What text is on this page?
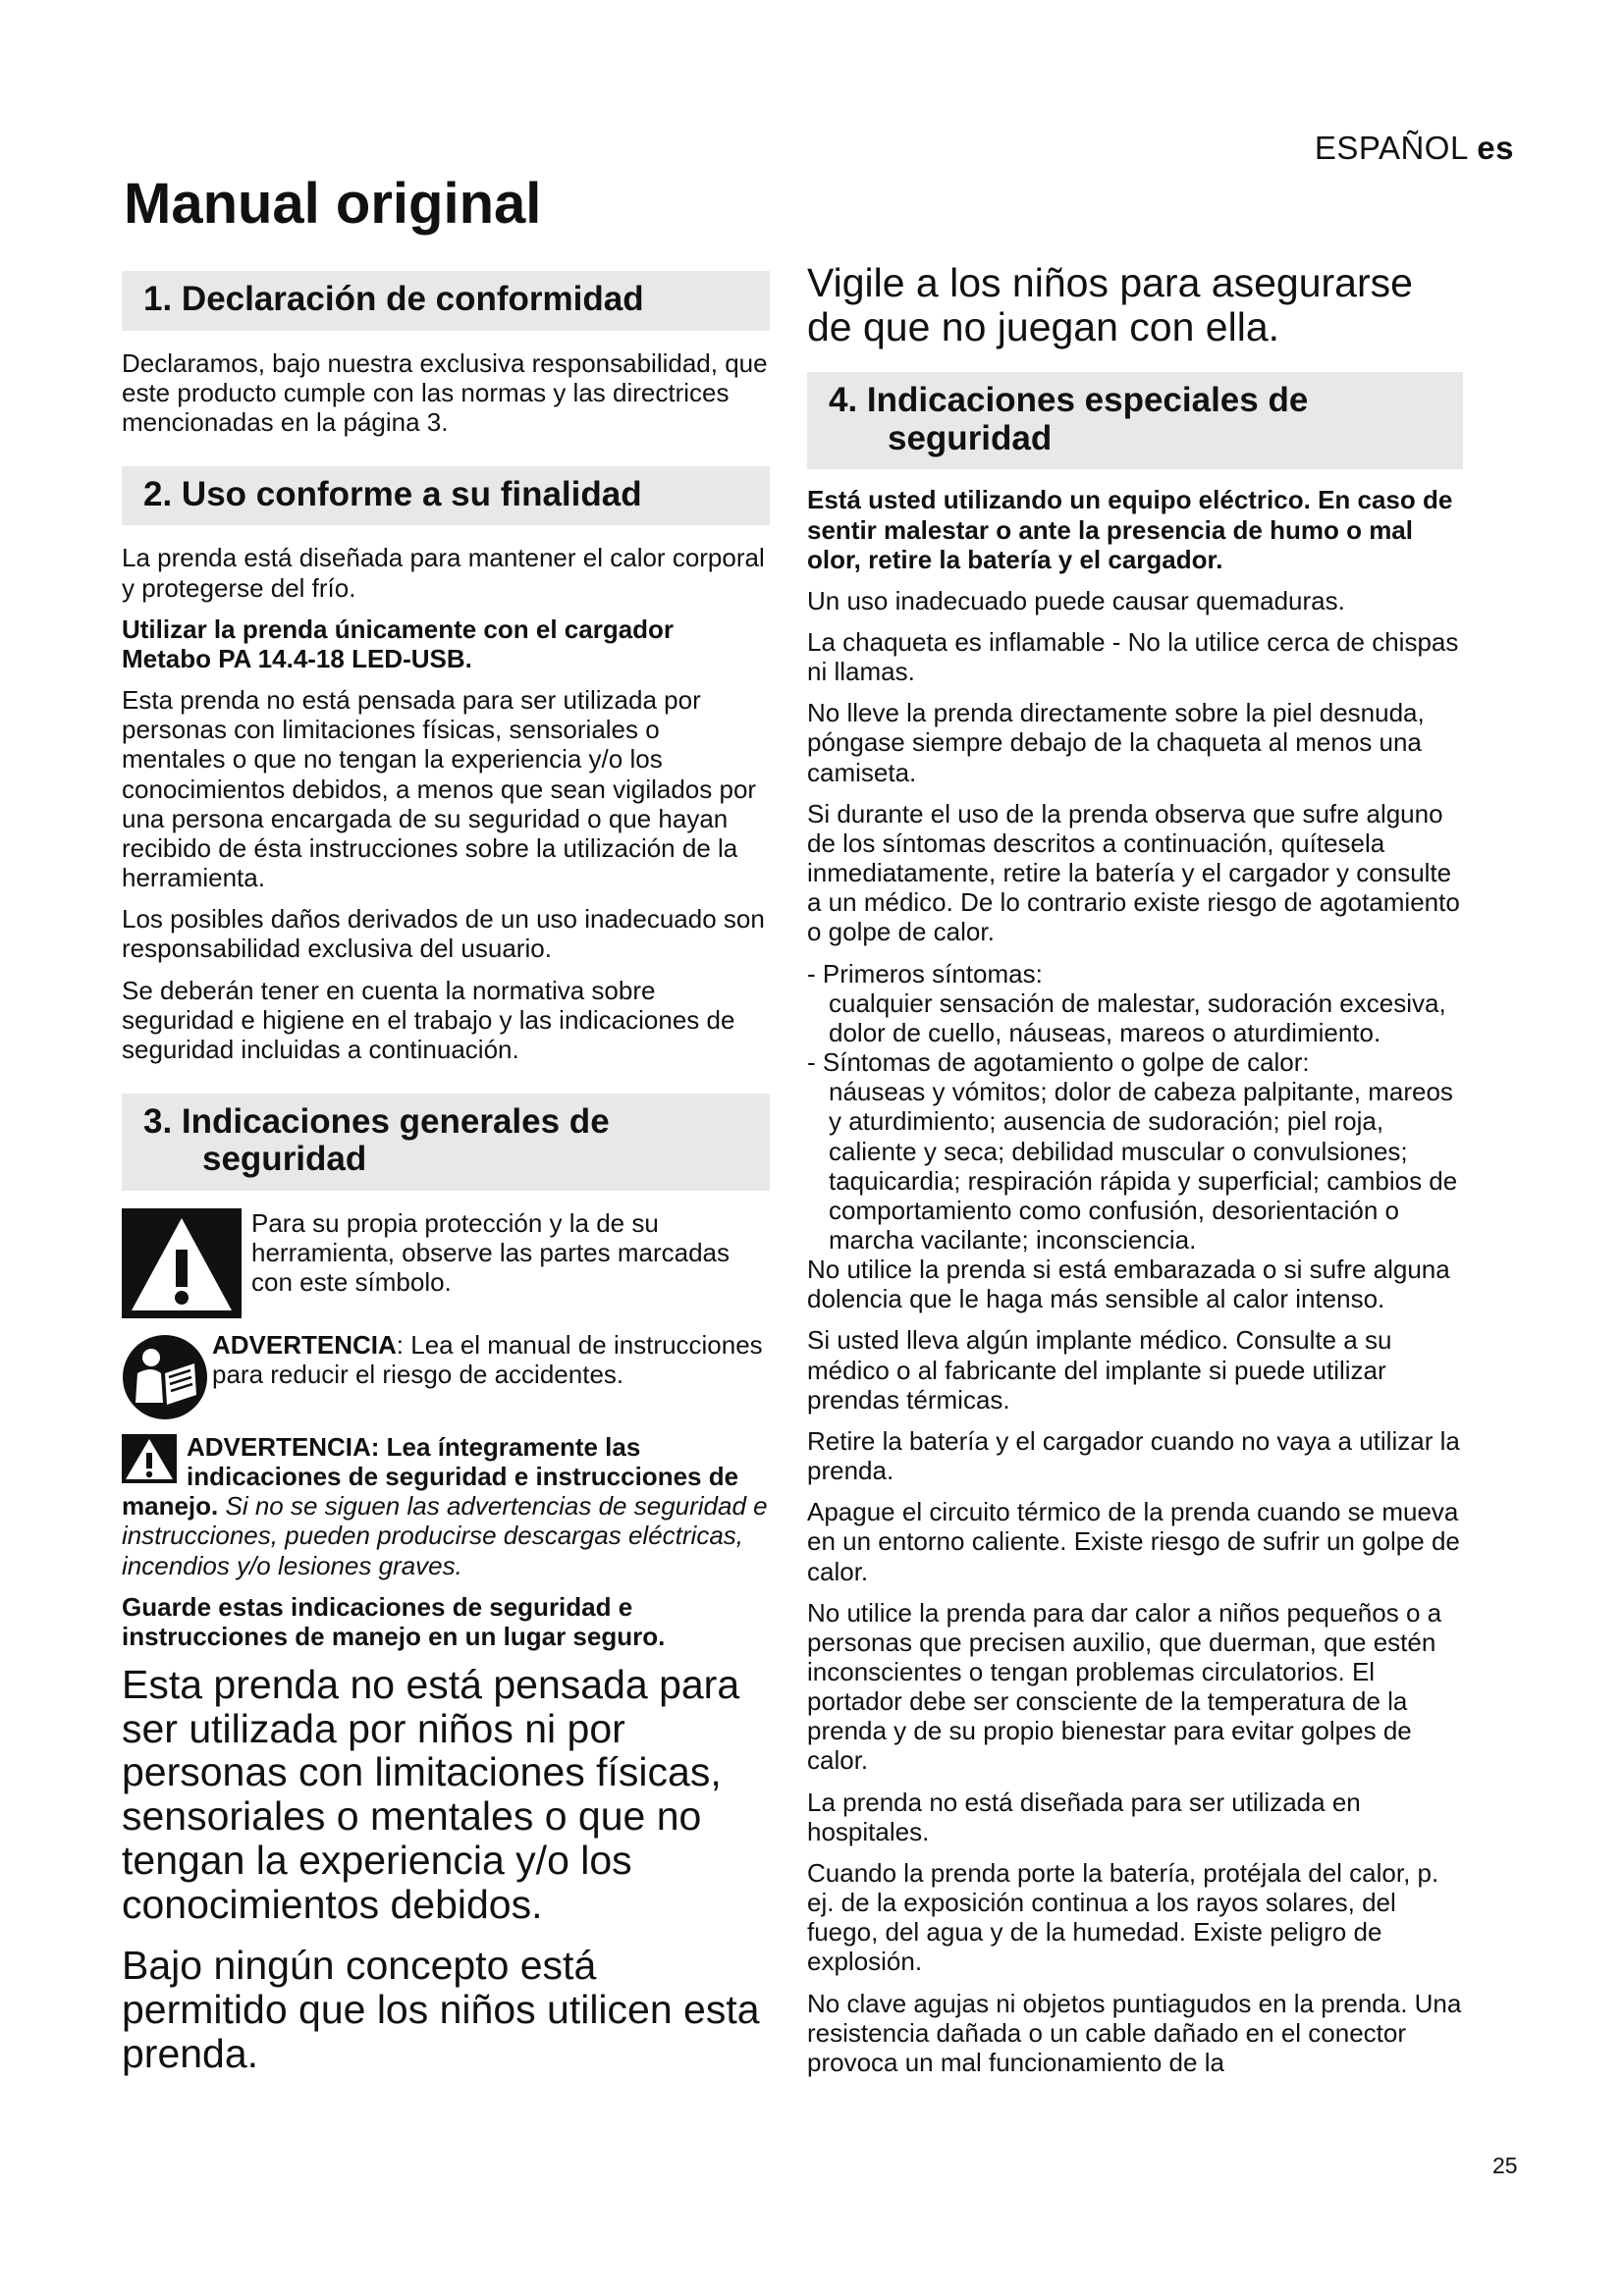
ESPAÑOL es
Manual original
1. Declaración de conformidad

Declaramos, bajo nuestra exclusiva responsabilidad, que este producto cumple con las normas y las directrices mencionadas en la página 3.

2. Uso conforme a su finalidad

La prenda está diseñada para mantener el calor corporal y protegerse del frío.

Utilizar la prenda únicamente con el cargador Metabo PA 14.4-18 LED-USB.

Esta prenda no está pensada para ser utilizada por personas con limitaciones físicas, sensoriales o mentales o que no tengan la experiencia y/o los conocimientos debidos, a menos que sean vigilados por una persona encargada de su seguridad o que hayan recibido de ésta instrucciones sobre la utilización de la herramienta.

Los posibles daños derivados de un uso inadecuado son responsabilidad exclusiva del usuario.

Se deberán tener en cuenta la normativa sobre seguridad e higiene en el trabajo y las indicaciones de seguridad incluidas a continuación.

3. Indicaciones generales de
seguridad

Para su propia protección y la de su herramienta, observe las partes marcadas con este símbolo.

ADVERTENCIA: Lea el manual de instrucciones para reducir el riesgo de accidentes.

ADVERTENCIA: Lea íntegramente las indicaciones de seguridad e instrucciones de manejo. Si no se siguen las advertencias de seguridad e instrucciones, pueden producirse descargas eléctricas, incendios y/o lesiones graves.

Guarde estas indicaciones de seguridad e instrucciones de manejo en un lugar seguro.

Esta prenda no está pensada para ser utilizada por niños ni por personas con limitaciones físicas, sensoriales o mentales o que no tengan la experiencia y/o los conocimientos debidos.

Bajo ningún concepto está permitido que los niños utilicen esta prenda.

Vigile a los niños para asegurarse de que no juegan con ella.

4. Indicaciones especiales de
seguridad

Está usted utilizando un equipo eléctrico. En caso de sentir malestar o ante la presencia de humo o mal olor, retire la batería y el cargador.

Un uso inadecuado puede causar quemaduras.

La chaqueta es inflamable - No la utilice cerca de chispas ni llamas.

No lleve la prenda directamente sobre la piel desnuda, póngase siempre debajo de la chaqueta al menos una camiseta.

Si durante el uso de la prenda observa que sufre alguno de los síntomas descritos a continuación, quítesela inmediatamente, retire la batería y el cargador y consulte a un médico. De lo contrario existe riesgo de agotamiento o golpe de calor.

- Primeros síntomas:
cualquier sensación de malestar, sudoración excesiva, dolor de cuello, náuseas, mareos o aturdimiento.
- Síntomas de agotamiento o golpe de calor:
náuseas y vómitos; dolor de cabeza palpitante, mareos y aturdimiento; ausencia de sudoración; piel roja, caliente y seca; debilidad muscular o convulsiones; taquicardia; respiración rápida y superficial; cambios de comportamiento como confusión, desorientación o marcha vacilante; inconsciencia.

No utilice la prenda si está embarazada o si sufre alguna dolencia que le haga más sensible al calor intenso.

Si usted lleva algún implante médico. Consulte a su médico o al fabricante del implante si puede utilizar prendas térmicas.

Retire la batería y el cargador cuando no vaya a utilizar la prenda.

Apague el circuito térmico de la prenda cuando se mueva en un entorno caliente. Existe riesgo de sufrir un golpe de calor.

No utilice la prenda para dar calor a niños pequeños o a personas que precisen auxilio, que duerman, que estén inconscientes o tengan problemas circulatorios. El portador debe ser consciente de la temperatura de la prenda y de su propio bienestar para evitar golpes de calor.

La prenda no está diseñada para ser utilizada en hospitales.

Cuando la prenda porte la batería, protéjala del calor, p. ej. de la exposición continua a los rayos solares, del fuego, del agua y de la humedad. Existe peligro de explosión.

No clave agujas ni objetos puntiagudos en la prenda. Una resistencia dañada o un cable dañado en el conector provoca un mal funcionamiento de la

25
